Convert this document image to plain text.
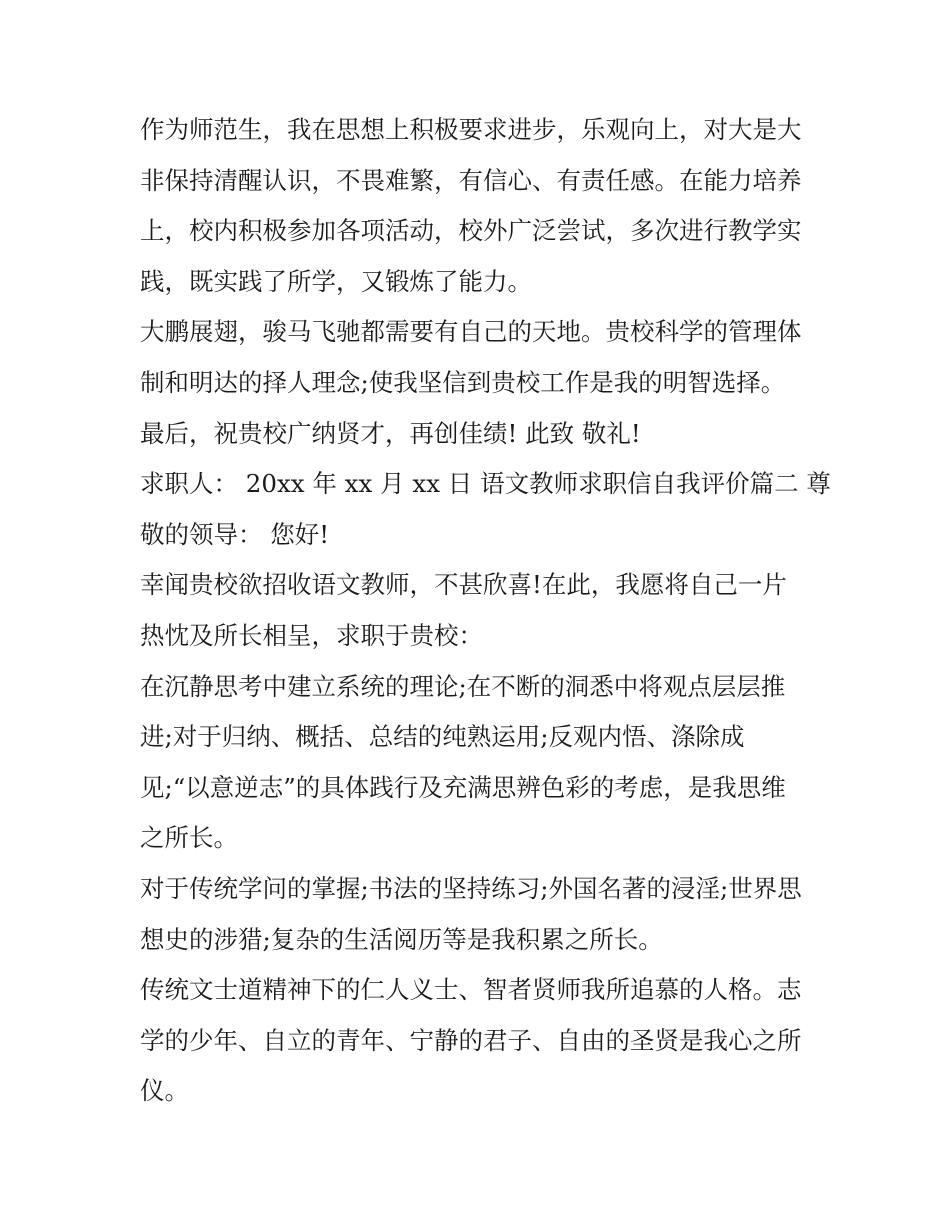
作为师范生，我在思想上积极要求进步，乐观向上，对大是大
非保持清醒认识，不畏难繁，有信心、有责任感。在能力培养
上，校内积极参加各项活动，校外广泛尝试，多次进行教学实
践，既实践了所学，又锻炼了能力。

大鹏展翅，骏马飞驰都需要有自己的天地。贵校科学的管理体
制和明达的择人理念;使我坚信到贵校工作是我的明智选择。

最后，祝贵校广纳贤才，再创佳绩! 此致 敬礼!

求职人： 20xx 年 xx 月 xx 日 语文教师求职信自我评价篇二 尊
敬的领导： 您好!

幸闻贵校欲招收语文教师，不甚欣喜!在此，我愿将自己一片
热忱及所长相呈，求职于贵校：

在沉静思考中建立系统的理论;在不断的洞悉中将观点层层推
进;对于归纳、概括、总结的纯熟运用;反观内悟、涤除成
见;“以意逆志”的具体践行及充满思辨色彩的考虑，是我思维
之所长。

对于传统学问的掌握;书法的坚持练习;外国名著的浸淫;世界思
想史的涉猎;复杂的生活阅历等是我积累之所长。

传统文士道精神下的仁人义士、智者贤师我所追慕的人格。志
学的少年、自立的青年、宁静的君子、自由的圣贤是我心之所
仪。
